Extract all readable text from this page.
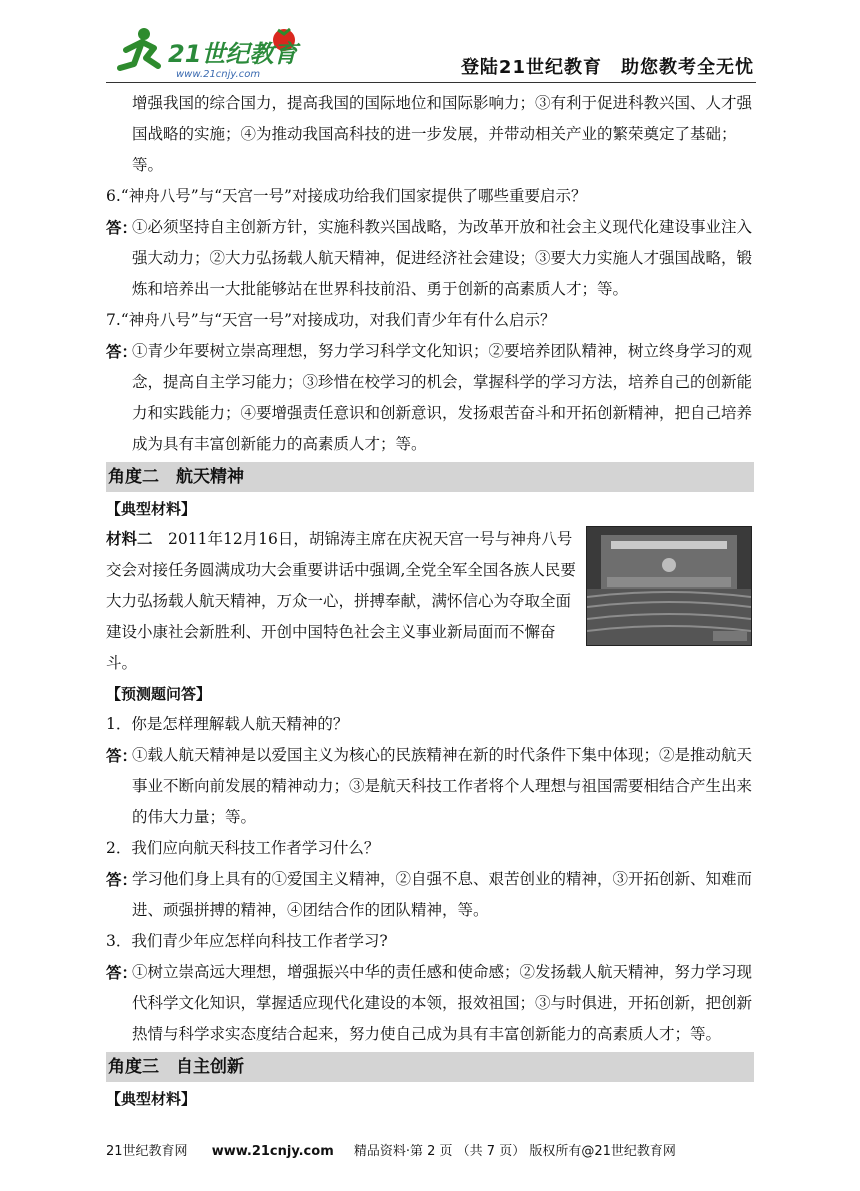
21世纪教育
www.21cnjy.com	登陆21世纪教育　助您教考全无忧

增强我国的综合国力，提高我国的国际地位和国际影响力；③有利于促进科教兴国、人才强国战略的实施；④为推动我国高科技的进一步发展，并带动相关产业的繁荣奠定了基础；等。

6.“神舟八号”与“天宫一号”对接成功给我们国家提供了哪些重要启示？

答：
①必须坚持自主创新方针，实施科教兴国战略，为改革开放和社会主义现代化建设事业注入强大动力；②大力弘扬载人航天精神，促进经济社会建设；③要大力实施人才强国战略，锻炼和培养出一大批能够站在世界科技前沿、勇于创新的高素质人才；等。

7.“神舟八号”与“天宫一号”对接成功，对我们青少年有什么启示？

答：
①青少年要树立崇高理想，努力学习科学文化知识；②要培养团队精神，树立终身学习的观念，提高自主学习能力；③珍惜在校学习的机会，掌握科学的学习方法，培养自己的创新能力和实践能力；④要增强责任意识和创新意识，发扬艰苦奋斗和开拓创新精神，把自己培养成为具有丰富创新能力的高素质人才；等。

角度二　航天精神
【典型材料】

材料二　2011年12月16日，胡锦涛主席在庆祝天宫一号与神舟八号交会对接任务圆满成功大会重要讲话中强调,全党全军全国各族人民要大力弘扬载人航天精神，万众一心，拼搏奉献，满怀信心为夺取全面建设小康社会新胜利、开创中国特色社会主义事业新局面而不懈奋斗。

【预测题问答】

1．你是怎样理解载人航天精神的？

答：
①载人航天精神是以爱国主义为核心的民族精神在新的时代条件下集中体现；②是推动航天事业不断向前发展的精神动力；③是航天科技工作者将个人理想与祖国需要相结合产生出来的伟大力量；等。

2．我们应向航天科技工作者学习什么？

答：
学习他们身上具有的①爱国主义精神，②自强不息、艰苦创业的精神，③开拓创新、知难而进、顽强拼搏的精神，④团结合作的团队精神，等。

3．我们青少年应怎样向科技工作者学习?

答：
①树立崇高远大理想，增强振兴中华的责任感和使命感；②发扬载人航天精神，努力学习现代科学文化知识，掌握适应现代化建设的本领，报效祖国；③与时俱进，开拓创新，把创新热情与科学求实态度结合起来，努力使自己成为具有丰富创新能力的高素质人才；等。

角度三　自主创新
【典型材料】
21世纪教育网 www.21cnjy.com 精品资料·第 2 页 （共 7 页） 版权所有@21世纪教育网
